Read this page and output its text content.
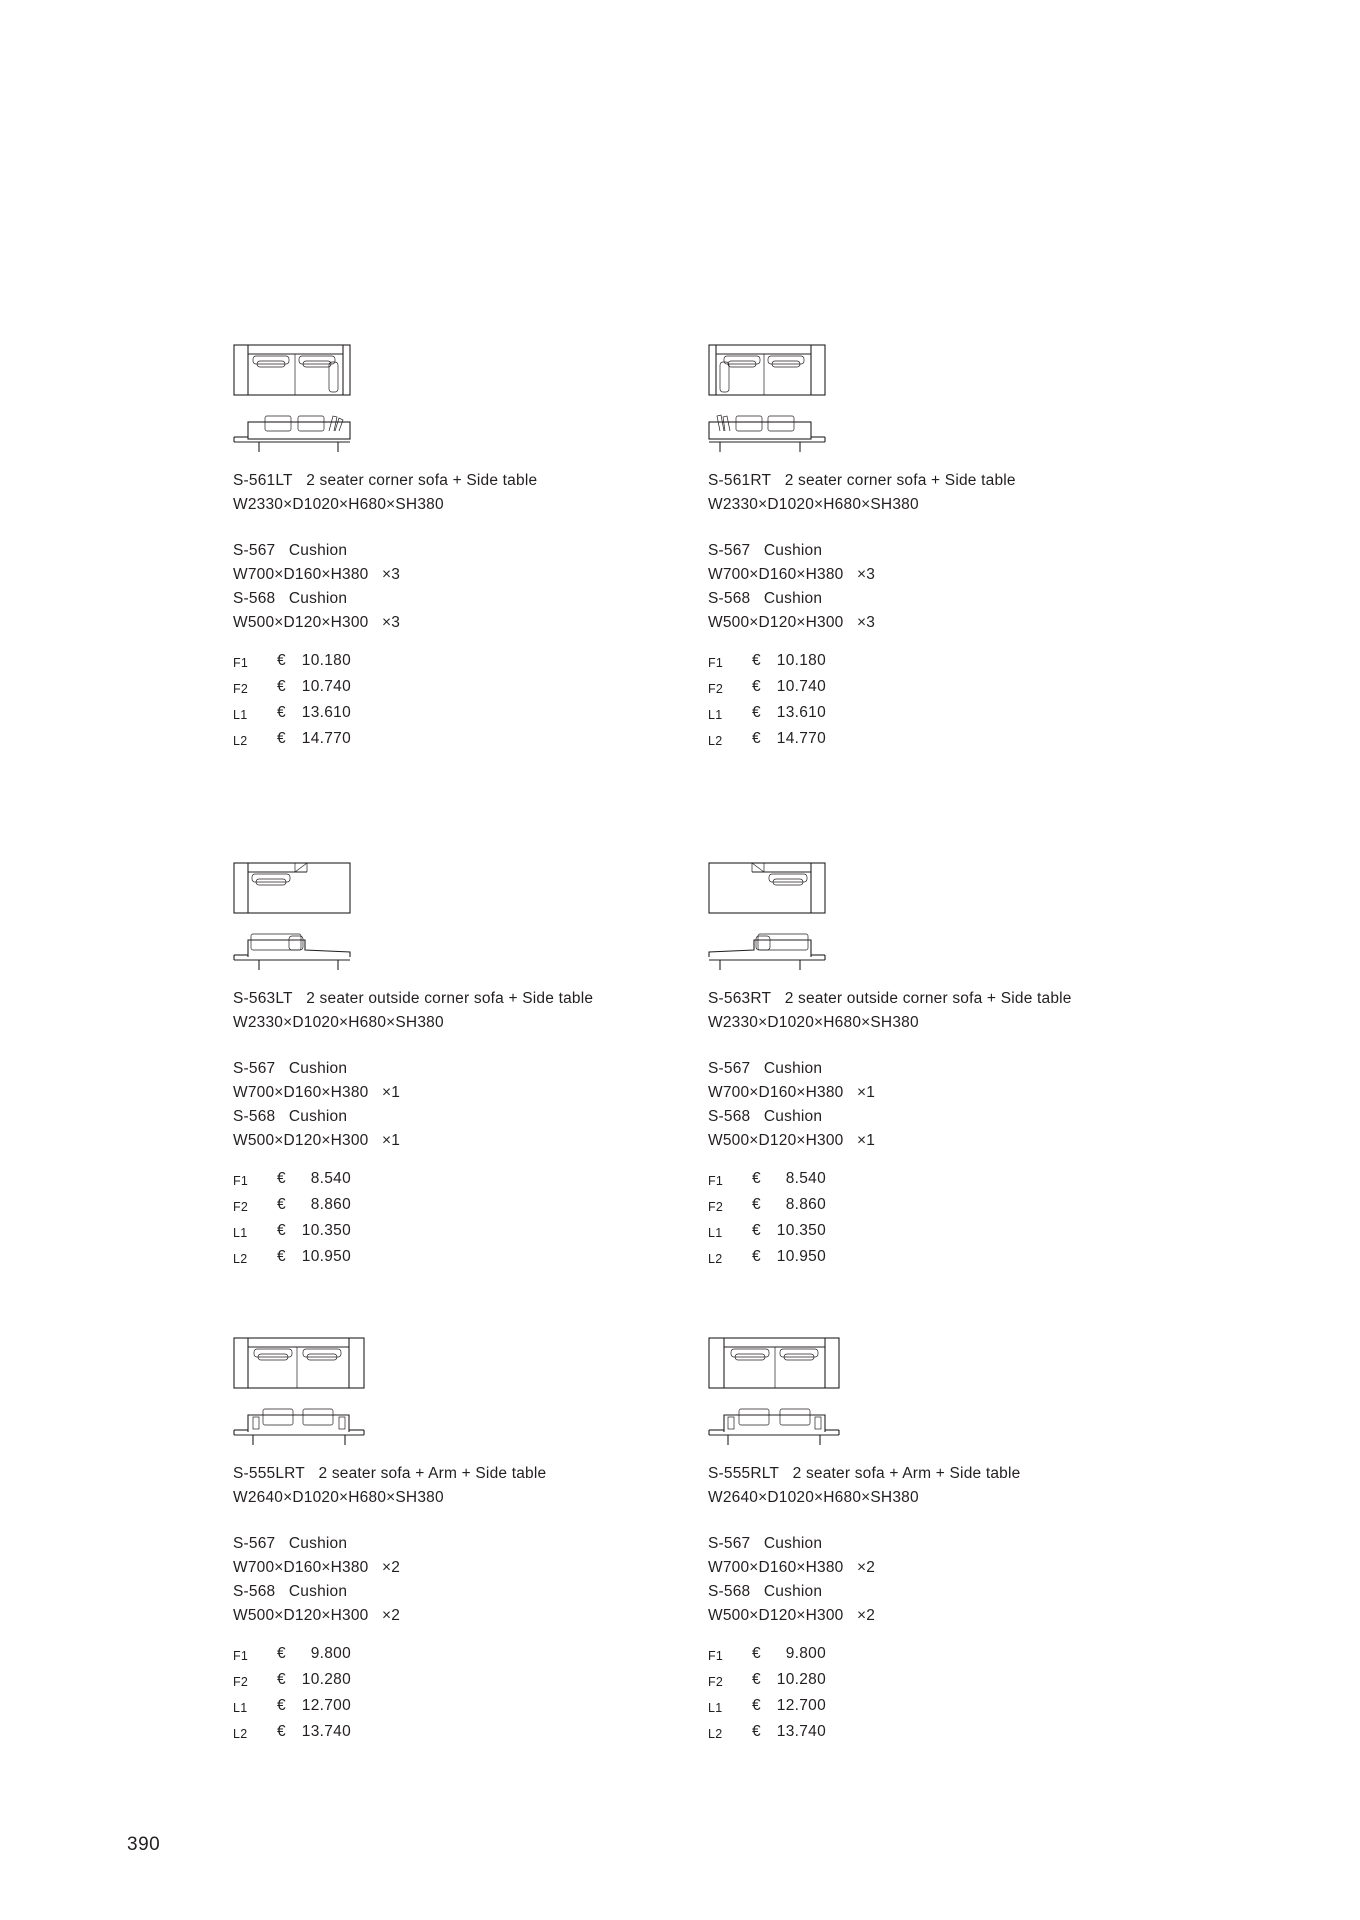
S-561LT 2 seater corner sofa + Side table
W2330×D1020×H680×SH380
S-567 Cushion
W700×D160×H380 ×3
S-568 Cushion
W500×D120×H300 ×3
F1	€	10.180
F2	€	10.740
L1	€	13.610
L2	€	14.770
S-561RT 2 seater corner sofa + Side table
W2330×D1020×H680×SH380
S-567 Cushion
W700×D160×H380 ×3
S-568 Cushion
W500×D120×H300 ×3
F1	€	10.180
F2	€	10.740
L1	€	13.610
L2	€	14.770
S-563LT 2 seater outside corner sofa + Side table
W2330×D1020×H680×SH380
S-567 Cushion
W700×D160×H380 ×1
S-568 Cushion
W500×D120×H300 ×1
F1	€	8.540
F2	€	8.860
L1	€	10.350
L2	€	10.950
S-563RT 2 seater outside corner sofa + Side table
W2330×D1020×H680×SH380
S-567 Cushion
W700×D160×H380 ×1
S-568 Cushion
W500×D120×H300 ×1
F1	€	8.540
F2	€	8.860
L1	€	10.350
L2	€	10.950
S-555LRT 2 seater sofa + Arm + Side table
W2640×D1020×H680×SH380
S-567 Cushion
W700×D160×H380 ×2
S-568 Cushion
W500×D120×H300 ×2
F1	€	9.800
F2	€	10.280
L1	€	12.700
L2	€	13.740
S-555RLT 2 seater sofa + Arm + Side table
W2640×D1020×H680×SH380
S-567 Cushion
W700×D160×H380 ×2
S-568 Cushion
W500×D120×H300 ×2
F1	€	9.800
F2	€	10.280
L1	€	12.700
L2	€	13.740
390
